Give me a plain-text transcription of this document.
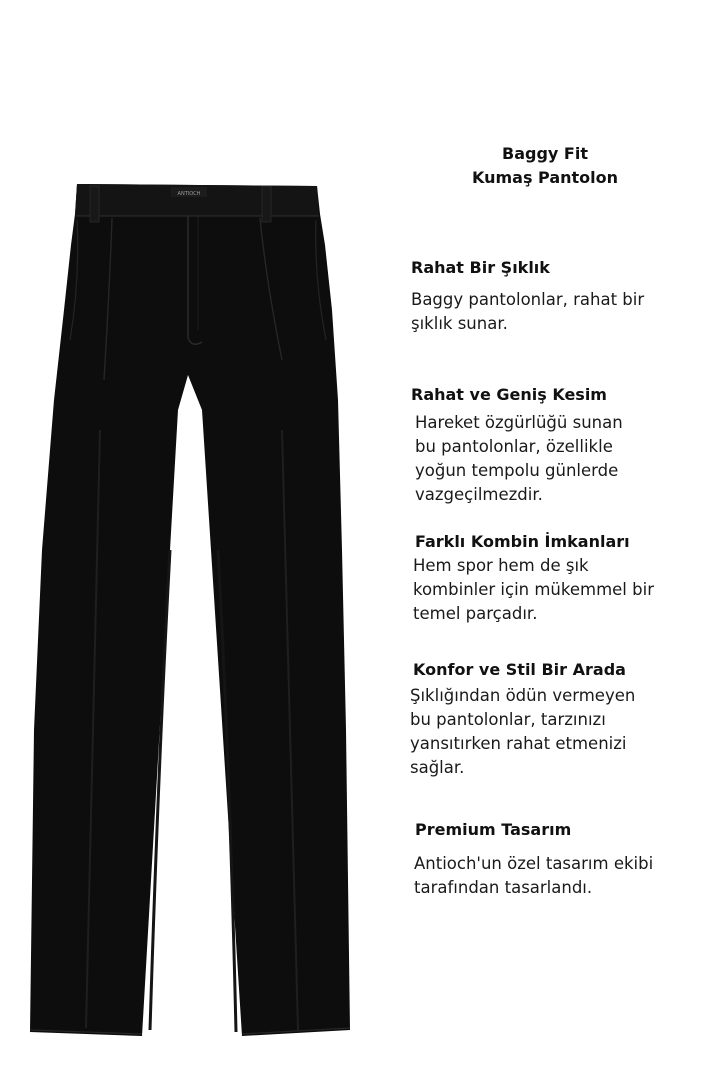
ANTIOCH
Baggy Fit
Kumaş Pantolon
Rahat Bir Şıklık
Baggy pantolonlar, rahat bir
şıklık sunar.
Rahat ve Geniş Kesim
Hareket özgürlüğü sunan
bu pantolonlar, özellikle
yoğun tempolu günlerde
vazgeçilmezdir.
Farklı Kombin İmkanları
Hem spor hem de şık
kombinler için mükemmel bir
temel parçadır.
Konfor ve Stil Bir Arada
Şıklığından ödün vermeyen
bu pantolonlar, tarzınızı
yansıtırken rahat etmenizi
sağlar.
Premium Tasarım
Antioch'un özel tasarım ekibi
tarafından tasarlandı.
